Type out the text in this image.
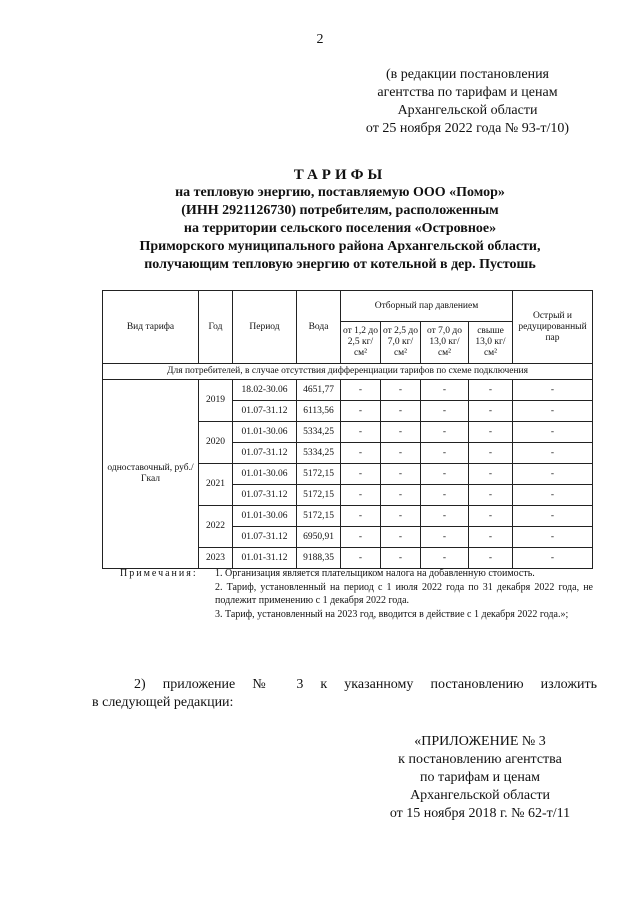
2
(в редакции постановления
агентства по тарифам и ценам
Архангельской области
от 25 ноября 2022 года № 93-т/10)
ТАРИФЫ
на тепловую энергию, поставляемую ООО «Помор»
(ИНН 2921126730) потребителям, расположенным
на территории сельского поселения «Островное»
Приморского муниципального района Архангельской области,
получающим тепловую энергию от котельной в дер. Пустошь
Вид тарифа	Год	Период	Вода	Отборный пар давлением				Острый и редуцированный пар
				от 1,2 до 2,5 кг/см²	от 2,5 до 7,0 кг/см²	от 7,0 до 13,0 кг/см²	свыше 13,0 кг/см²	
Для потребителей, в случае отсутствия дифференциации тарифов по схеме подключения								
одноставочный, руб./Гкал	2019	18.02-30.06	4651,77	-	-	-	-	-
		01.07-31.12	6113,56	-	-	-	-	-
	2020	01.01-30.06	5334,25	-	-	-	-	-
		01.07-31.12	5334,25	-	-	-	-	-
	2021	01.01-30.06	5172,15	-	-	-	-	-
		01.07-31.12	5172,15	-	-	-	-	-
	2022	01.01-30.06	5172,15	-	-	-	-	-
		01.07-31.12	6950,91	-	-	-	-	-
	2023	01.01-31.12	9188,35	-	-	-	-	-
Примечания: 1. Организация является плательщиком налога на добавленную стоимость.

2. Тариф, установленный на период с 1 июля 2022 года по 31 декабря 2022 года, не подлежит применению с 1 декабря 2022 года.

3. Тариф, установленный на 2023 год, вводится в действие с 1 декабря 2022 года.»;

2) приложение № 3 к указанному постановлению изложить
в следующей редакции:
«ПРИЛОЖЕНИЕ № 3
к постановлению агентства
по тарифам и ценам
Архангельской области
от 15 ноября 2018 г. № 62-т/11
